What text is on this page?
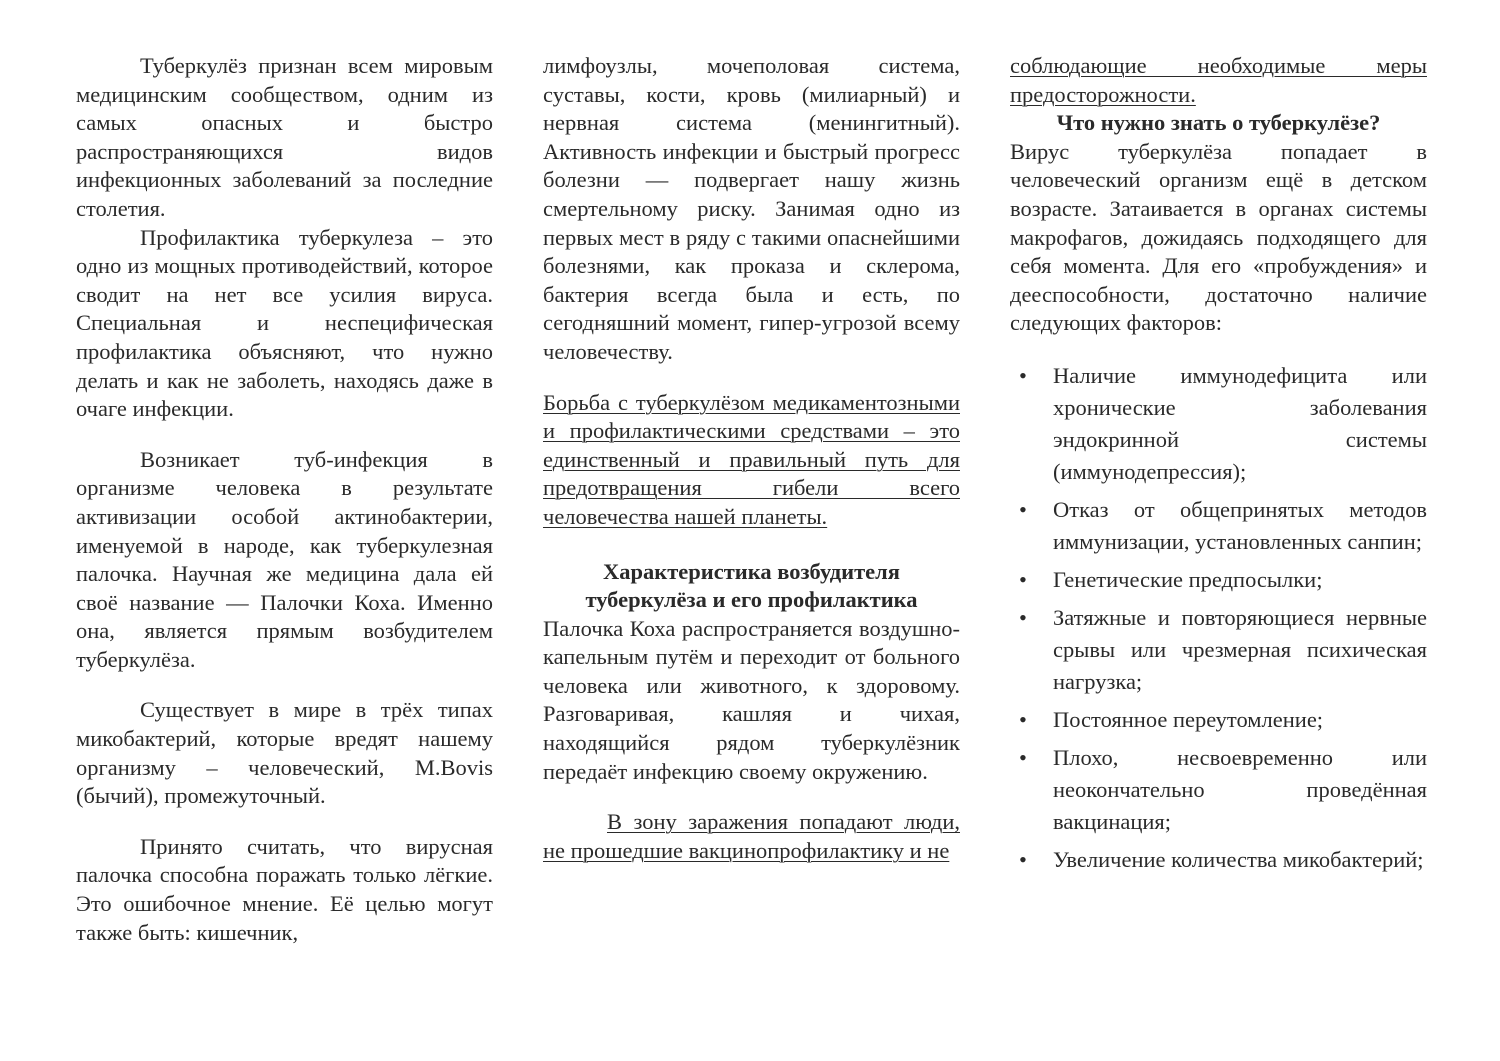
Туберкулёз признан всем мировым медицинским сообществом, одним из самых опасных и быстро распространяющихся видов инфекционных заболеваний за последние столетия.

Профилактика туберкулеза – это одно из мощных противодействий, которое сводит на нет все усилия вируса. Специальная и неспецифическая профилактика объясняют, что нужно делать и как не заболеть, находясь даже в очаге инфекции.

Возникает туб-инфекция в организме человека в результате активизации особой актинобактерии, именуемой в народе, как туберкулезная палочка. Научная же медицина дала ей своё название — Палочки Коха. Именно она, является прямым возбудителем туберкулёза.

Существует в мире в трёх типах микобактерий, которые вредят нашему организму – человеческий, M.Bovis (бычий), промежуточный.

Принято считать, что вирусная палочка способна поражать только лёгкие. Это ошибочное мнение. Её целью могут также быть: кишечник,

лимфоузлы, мочеполовая система, суставы, кости, кровь (милиарный) и нервная система (менингитный). Активность инфекции и быстрый прогресс болезни — подвергает нашу жизнь смертельному риску. Занимая одно из первых мест в ряду с такими опаснейшими болезнями, как проказа и склерома, бактерия всегда была и есть, по сегодняшний момент, гипер-угрозой всему человечеству.

Борьба с туберкулёзом медикаментозными и профилактическими средствами – это единственный и правильный путь для предотвращения гибели всего человечества нашей планеты.

Характеристика возбудителя
туберкулёза и его профилактика

Палочка Коха распространяется воздушно-капельным путём и переходит от больного человека или животного, к здоровому. Разговаривая, кашляя и чихая, находящийся рядом туберкулёзник передаёт инфекцию своему окружению.

В зону заражения попадают люди, не прошедшие вакцинопрофилактику и не

соблюдающие необходимые меры предосторожности.

Что нужно знать о туберкулёзе?

Вирус туберкулёза попадает в человеческий организм ещё в детском возрасте. Затаивается в органах системы макрофагов, дожидаясь подходящего для себя момента. Для его «пробуждения» и дееспособности, достаточно наличие следующих факторов:

• Наличие иммунодефицита или хронические заболевания эндокринной системы (иммунодепрессия);
• Отказ от общепринятых методов иммунизации, установленных санпин;
• Генетические предпосылки;
• Затяжные и повторяющиеся нервные срывы или чрезмерная психическая нагрузка;
• Постоянное переутомление;
• Плохо, несвоевременно или неокончательно проведённая вакцинация;
• Увеличение количества микобактерий;
